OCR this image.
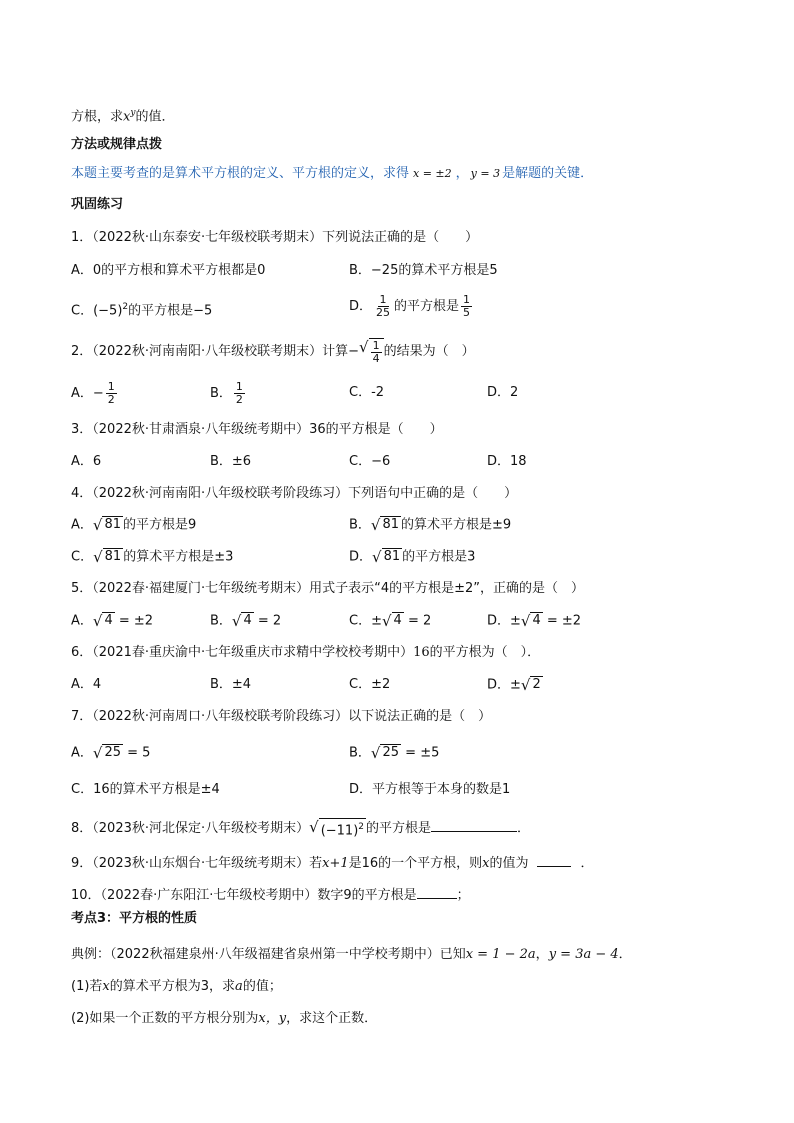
方根，求$x^y$的值．
方法或规律点拨
本题主要考查的是算术平方根的定义、平方根的定义，求得 x = ±2 ， y = 3 是解题的关键．
巩固练习
1．（2022秋·山东泰安·七年级校联考期末）下列说法正确的是（　　）
A．0的平方根和算术平方根都是0	B．−25的算术平方根是5
C．$(-5)^2$的平方根是−5	D． $\frac{1}{25}$ 的平方根是 $\frac{1}{5}$
2．（2022秋·河南南阳·八年级校联考期末）计算− √ $\frac{1}{4}$ 的结果为（　）
A．− $\frac{1}{2}$	B． $\frac{1}{2}$	C．-2	D．2
3．（2022秋·甘肃酒泉·八年级统考期中）36的平方根是（　　）
A．6	B．±6	C．−6	D．18
4．（2022秋·河南南阳·八年级校联考阶段练习）下列语句中正确的是（　　）
A． √ 81 的平方根是9	B． √ 81 的算术平方根是±9
C． √ 81 的算术平方根是±3	D． √ 81 的平方根是3
5．（2022春·福建厦门·七年级统考期末）用式子表示“4的平方根是±2”，正确的是（　）
A． √ 4 = ±2	B． √ 4 = 2	C．± √ 4 = 2	D．± √ 4 = ±2
6．（2021春·重庆渝中·七年级重庆市求精中学校校考期中）16的平方根为（　）．
A．4	B．±4	C．±2	D．± √ 2
7．（2022秋·河南周口·八年级校联考阶段练习）以下说法正确的是（　）
A． √ 25 = 5	B． √ 25 = ±5
C．16的算术平方根是±4	D．平方根等于本身的数是1
8．（2023秋·河北保定·八年级校考期末） √ $(-11)^2$ 的平方根是	．
9．（2023秋·山东烟台·七年级统考期末）若x+1是16的一个平方根，则x的值为	．
10．（2022春·广东阳江·七年级校考期中）数字9的平方根是	；
考点3：平方根的性质
典例：（2022秋福建泉州·八年级福建省泉州第一中学校考期中）已知x = 1 − 2a，y = 3a − 4．
(1)若x的算术平方根为3，求a的值；
(2)如果一个正数的平方根分别为x，y，求这个正数．
